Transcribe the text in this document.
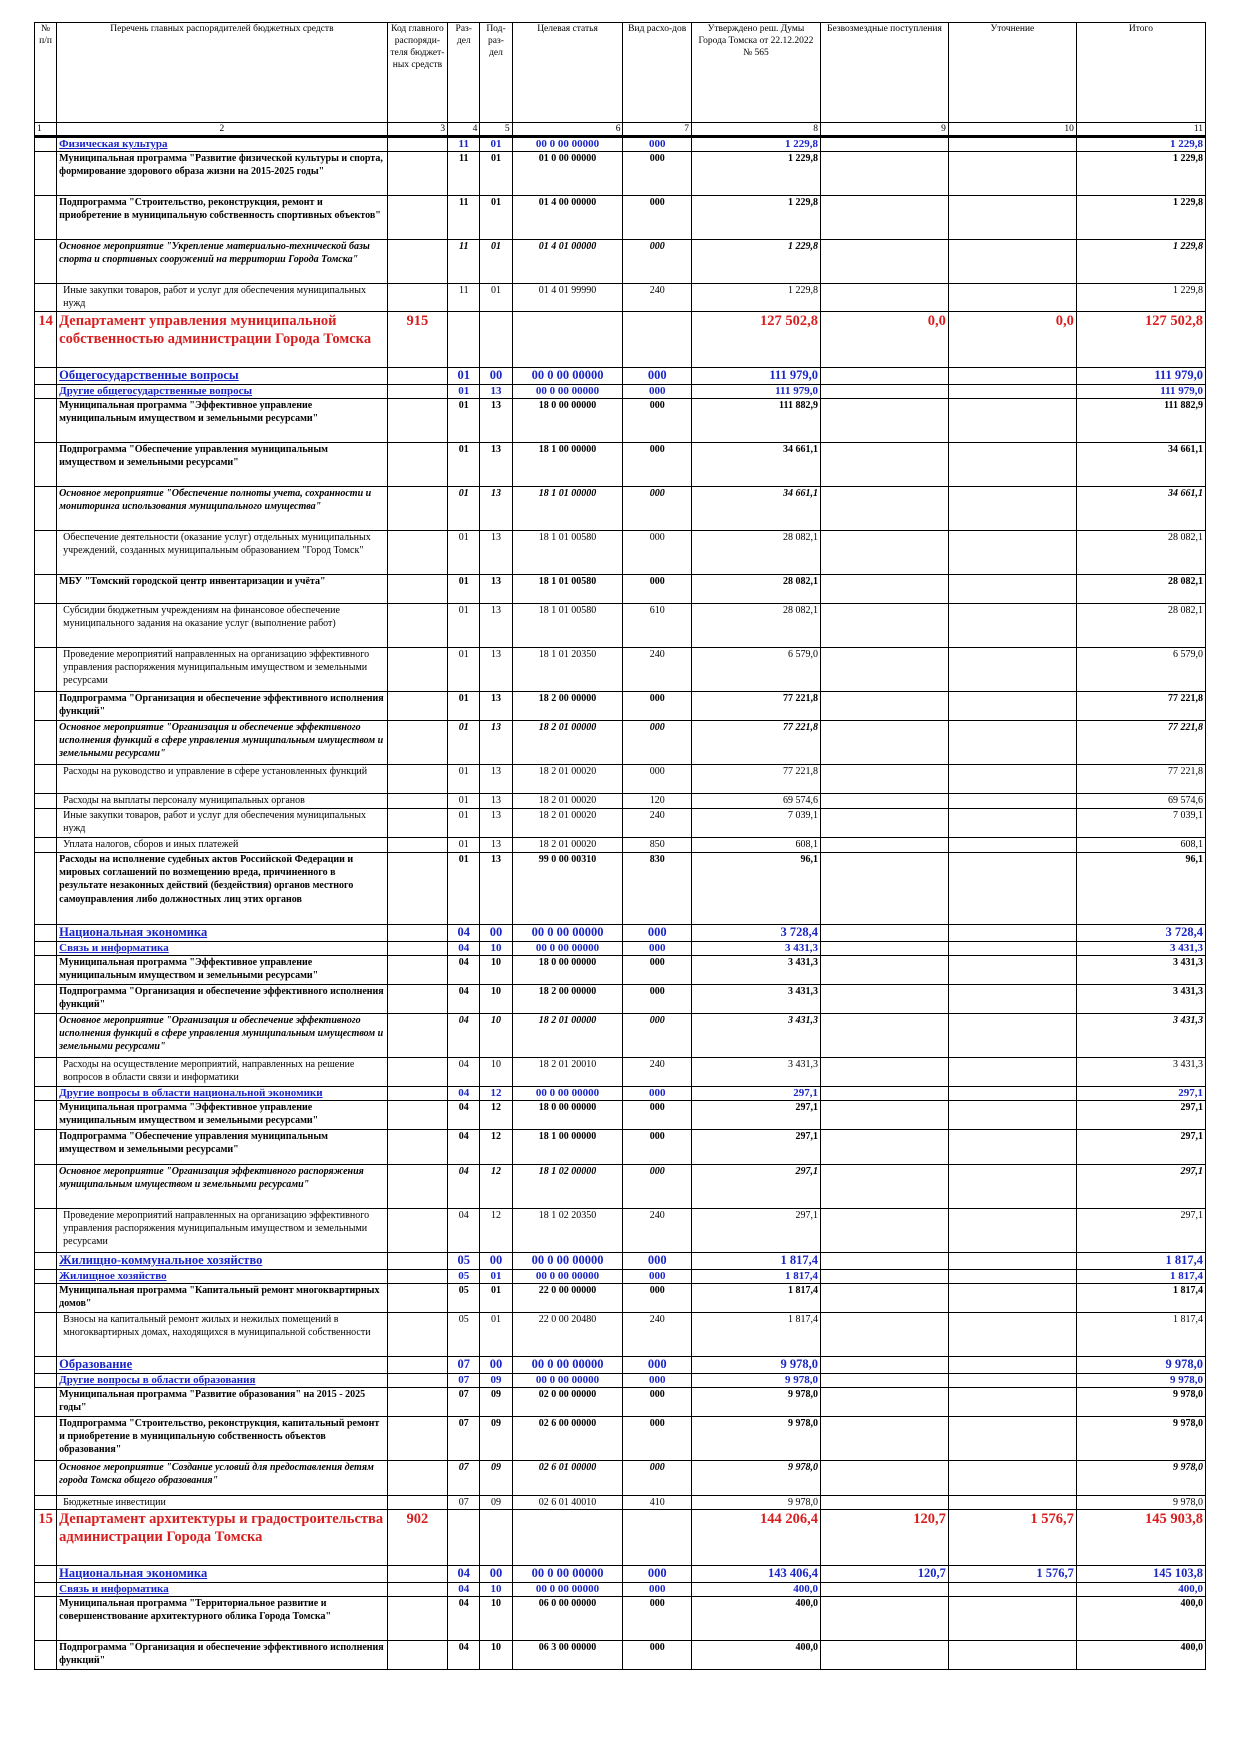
№ п/п	Перечень главных распорядителей бюджетных средств	Код главного распоряди-теля бюджет-ных средств	Раз-дел	Под-раз-дел	Целевая статья	Вид расхо-дов	Утверждено реш. Думы Города Томска от 22.12.2022 № 565	Безвозмездные поступления	Уточнение	Итого
1	2	3	4	5	6	7	8	9	10	11
	Физическая культура		11	01	00 0 00 00000	000	1 229,8			1 229,8
	Муниципальная программа "Развитие физической культуры и спорта, формирование здорового образа жизни на 2015-2025 годы"		11	01	01 0 00 00000	000	1 229,8			1 229,8
	Подпрограмма "Строительство, реконструкция, ремонт и приобретение в муниципальную собственность спортивных объектов"		11	01	01 4 00 00000	000	1 229,8			1 229,8
	Основное мероприятие "Укрепление материально-технической базы спорта и спортивных сооружений на территории Города Томска"		11	01	01 4 01 00000	000	1 229,8			1 229,8
	Иные закупки товаров, работ и услуг для обеспечения муниципальных нужд		11	01	01 4 01 99990	240	1 229,8			1 229,8
14	Департамент управления муниципальной собственностью администрации Города Томска	915					127 502,8	0,0	0,0	127 502,8
	Общегосударственные вопросы		01	00	00 0 00 00000	000	111 979,0			111 979,0
	Другие общегосударственные вопросы		01	13	00 0 00 00000	000	111 979,0			111 979,0
	Муниципальная программа "Эффективное управление муниципальным имуществом и земельными ресурсами"		01	13	18 0 00 00000	000	111 882,9			111 882,9
	Подпрограмма "Обеспечение управления муниципальным имуществом и земельными ресурсами"		01	13	18 1 00 00000	000	34 661,1			34 661,1
	Основное мероприятие "Обеспечение полноты учета, сохранности и мониторинга использования муниципального имущества"		01	13	18 1 01 00000	000	34 661,1			34 661,1
	Обеспечение деятельности (оказание услуг) отдельных муниципальных учреждений, созданных муниципальным образованием "Город Томск"		01	13	18 1 01 00580	000	28 082,1			28 082,1
	МБУ "Томский городской центр инвентаризации и учёта"		01	13	18 1 01 00580	000	28 082,1			28 082,1
	Субсидии бюджетным учреждениям на финансовое обеспечение муниципального задания на оказание услуг (выполнение работ)		01	13	18 1 01 00580	610	28 082,1			28 082,1
	Проведение мероприятий направленных на организацию эффективного управления распоряжения муниципальным имуществом и земельными ресурсами		01	13	18 1 01 20350	240	6 579,0			6 579,0
	Подпрограмма "Организация и обеспечение эффективного исполнения функций"		01	13	18 2 00 00000	000	77 221,8			77 221,8
	Основное мероприятие "Организация и обеспечение эффективного исполнения функций в сфере управления муниципальным имуществом и земельными ресурсами"		01	13	18 2 01 00000	000	77 221,8			77 221,8
	Расходы на руководство и управление в сфере установленных функций		01	13	18 2 01 00020	000	77 221,8			77 221,8
	Расходы на выплаты персоналу муниципальных органов		01	13	18 2 01 00020	120	69 574,6			69 574,6
	Иные закупки товаров, работ и услуг для обеспечения муниципальных нужд		01	13	18 2 01 00020	240	7 039,1			7 039,1
	Уплата налогов, сборов и иных платежей		01	13	18 2 01 00020	850	608,1			608,1
	Расходы на исполнение судебных актов Российской Федерации и мировых соглашений по возмещению вреда, причиненного в результате незаконных действий (бездействия) органов местного самоуправления либо должностных лиц этих органов		01	13	99 0 00 00310	830	96,1			96,1
	Национальная экономика		04	00	00 0 00 00000	000	3 728,4			3 728,4
	Связь и информатика		04	10	00 0 00 00000	000	3 431,3			3 431,3
	Муниципальная программа "Эффективное управление муниципальным имуществом и земельными ресурсами"		04	10	18 0 00 00000	000	3 431,3			3 431,3
	Подпрограмма "Организация и обеспечение эффективного исполнения функций"		04	10	18 2 00 00000	000	3 431,3			3 431,3
	Основное мероприятие "Организация и обеспечение эффективного исполнения функций в сфере управления муниципальным имуществом и земельными ресурсами"		04	10	18 2 01 00000	000	3 431,3			3 431,3
	Расходы на осуществление мероприятий, направленных на решение вопросов в области связи и информатики		04	10	18 2 01 20010	240	3 431,3			3 431,3
	Другие вопросы в области национальной экономики		04	12	00 0 00 00000	000	297,1			297,1
	Муниципальная программа "Эффективное управление муниципальным имуществом и земельными ресурсами"		04	12	18 0 00 00000	000	297,1			297,1
	Подпрограмма "Обеспечение управления муниципальным имуществом и земельными ресурсами"		04	12	18 1 00 00000	000	297,1			297,1
	Основное мероприятие "Организация эффективного распоряжения муниципальным имуществом и земельными ресурсами"		04	12	18 1 02 00000	000	297,1			297,1
	Проведение мероприятий направленных на организацию эффективного управления распоряжения муниципальным имуществом и земельными ресурсами		04	12	18 1 02 20350	240	297,1			297,1
	Жилищно-коммунальное хозяйство		05	00	00 0 00 00000	000	1 817,4			1 817,4
	Жилищное хозяйство		05	01	00 0 00 00000	000	1 817,4			1 817,4
	Муниципальная программа "Капитальный ремонт многоквартирных домов"		05	01	22 0 00 00000	000	1 817,4			1 817,4
	Взносы на капитальный ремонт жилых и нежилых помещений в многоквартирных домах, находящихся в муниципальной собственности		05	01	22 0 00 20480	240	1 817,4			1 817,4
	Образование		07	00	00 0 00 00000	000	9 978,0			9 978,0
	Другие вопросы в области образования		07	09	00 0 00 00000	000	9 978,0			9 978,0
	Муниципальная программа "Развитие образования" на 2015 - 2025 годы"		07	09	02 0 00 00000	000	9 978,0			9 978,0
	Подпрограмма "Строительство, реконструкция, капитальный ремонт и приобретение в муниципальную собственность объектов образования"		07	09	02 6 00 00000	000	9 978,0			9 978,0
	Основное мероприятие "Создание условий для предоставления детям города Томска общего образования"		07	09	02 6 01 00000	000	9 978,0			9 978,0
	Бюджетные инвестиции		07	09	02 6 01 40010	410	9 978,0			9 978,0
15	Департамент архитектуры и градостроительства администрации Города Томска	902					144 206,4	120,7	1 576,7	145 903,8
	Национальная экономика		04	00	00 0 00 00000	000	143 406,4	120,7	1 576,7	145 103,8
	Связь и информатика		04	10	00 0 00 00000	000	400,0			400,0
	Муниципальная программа "Территориальное развитие и совершенствование архитектурного облика Города Томска"		04	10	06 0 00 00000	000	400,0			400,0
	Подпрограмма "Организация и обеспечение эффективного исполнения функций"		04	10	06 3 00 00000	000	400,0			400,0
